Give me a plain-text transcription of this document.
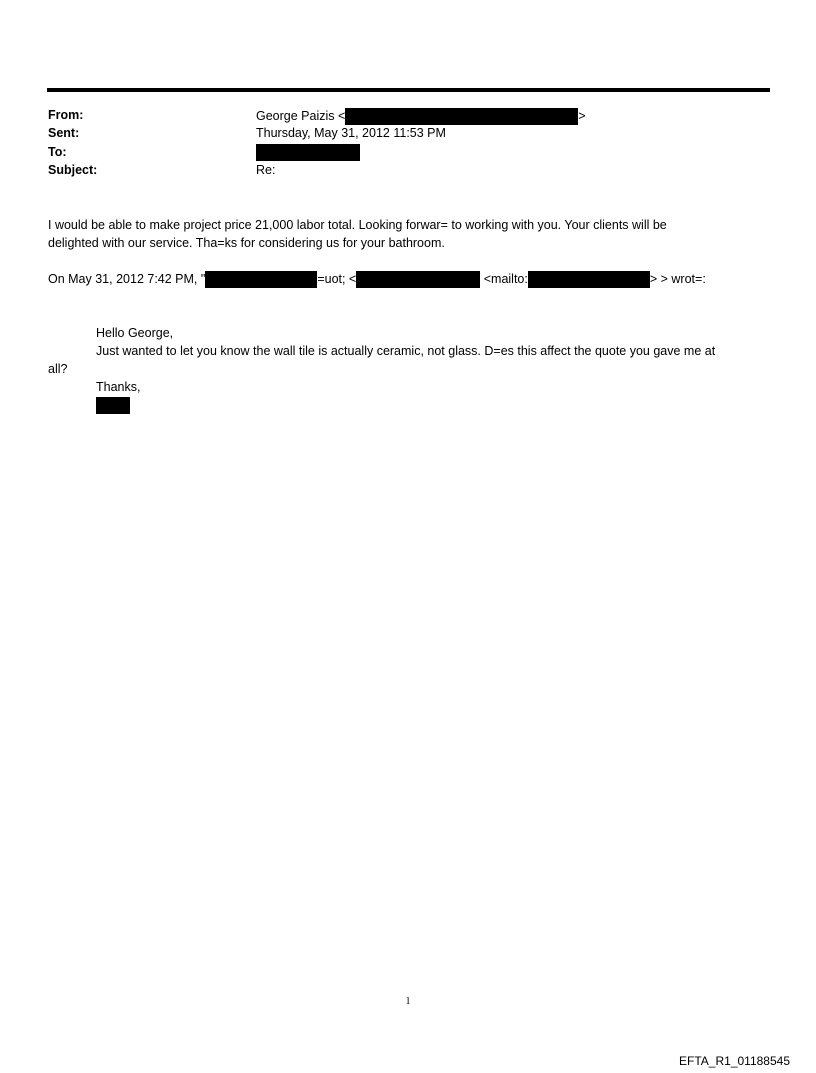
From:	George Paizis <	>
Sent:	Thursday, May 31, 2012 11:53 PM
To:
Subject:	Re:
I would be able to make project price 21,000 labor total. Looking forwar= to working with you. Your clients will be
delighted with our service. Tha=ks for considering us for your bathroom.
On May 31, 2012 7:42 PM, "	=uot; <	<mailto:	> > wrot=:
Hello George,
Just wanted to let you know the wall tile is actually ceramic, not glass. D=es this affect the quote you gave me at
all?
Thanks,
1
EFTA_R1_01188545
